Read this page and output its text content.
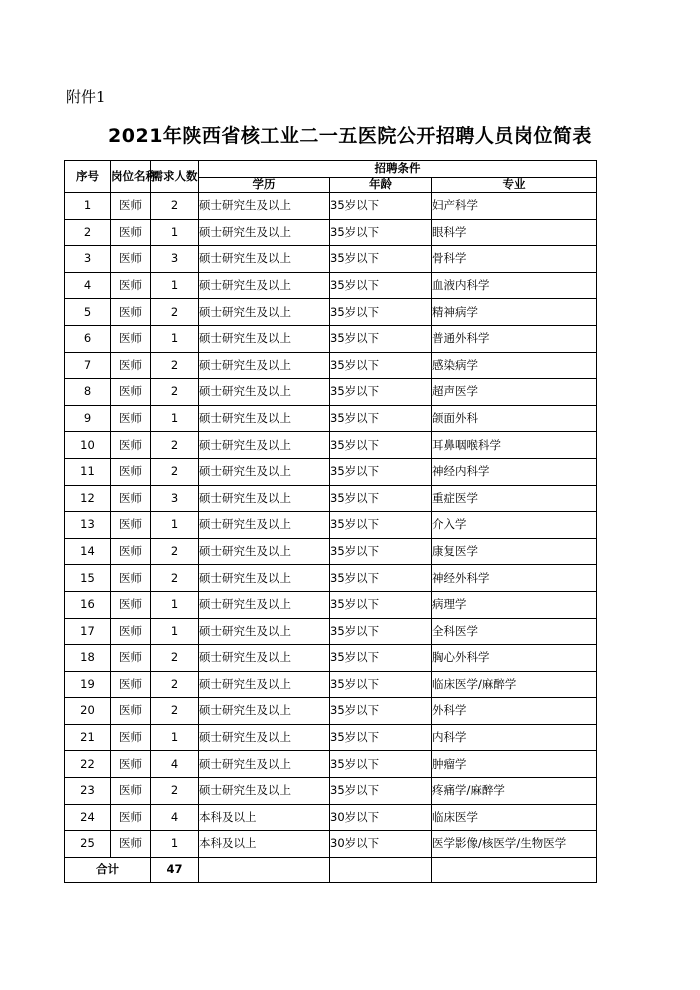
附件1
2021年陕西省核工业二一五医院公开招聘人员岗位简表
序号	岗位名称	需求人数	招聘条件		
			学历	年龄	专业
1	医师	2	硕士研究生及以上	35岁以下	妇产科学
2	医师	1	硕士研究生及以上	35岁以下	眼科学
3	医师	3	硕士研究生及以上	35岁以下	骨科学
4	医师	1	硕士研究生及以上	35岁以下	血液内科学
5	医师	2	硕士研究生及以上	35岁以下	精神病学
6	医师	1	硕士研究生及以上	35岁以下	普通外科学
7	医师	2	硕士研究生及以上	35岁以下	感染病学
8	医师	2	硕士研究生及以上	35岁以下	超声医学
9	医师	1	硕士研究生及以上	35岁以下	颌面外科
10	医师	2	硕士研究生及以上	35岁以下	耳鼻咽喉科学
11	医师	2	硕士研究生及以上	35岁以下	神经内科学
12	医师	3	硕士研究生及以上	35岁以下	重症医学
13	医师	1	硕士研究生及以上	35岁以下	介入学
14	医师	2	硕士研究生及以上	35岁以下	康复医学
15	医师	2	硕士研究生及以上	35岁以下	神经外科学
16	医师	1	硕士研究生及以上	35岁以下	病理学
17	医师	1	硕士研究生及以上	35岁以下	全科医学
18	医师	2	硕士研究生及以上	35岁以下	胸心外科学
19	医师	2	硕士研究生及以上	35岁以下	临床医学/麻醉学
20	医师	2	硕士研究生及以上	35岁以下	外科学
21	医师	1	硕士研究生及以上	35岁以下	内科学
22	医师	4	硕士研究生及以上	35岁以下	肿瘤学
23	医师	2	硕士研究生及以上	35岁以下	疼痛学/麻醉学
24	医师	4	本科及以上	30岁以下	临床医学
25	医师	1	本科及以上	30岁以下	医学影像/核医学/生物医学
合计		47			
